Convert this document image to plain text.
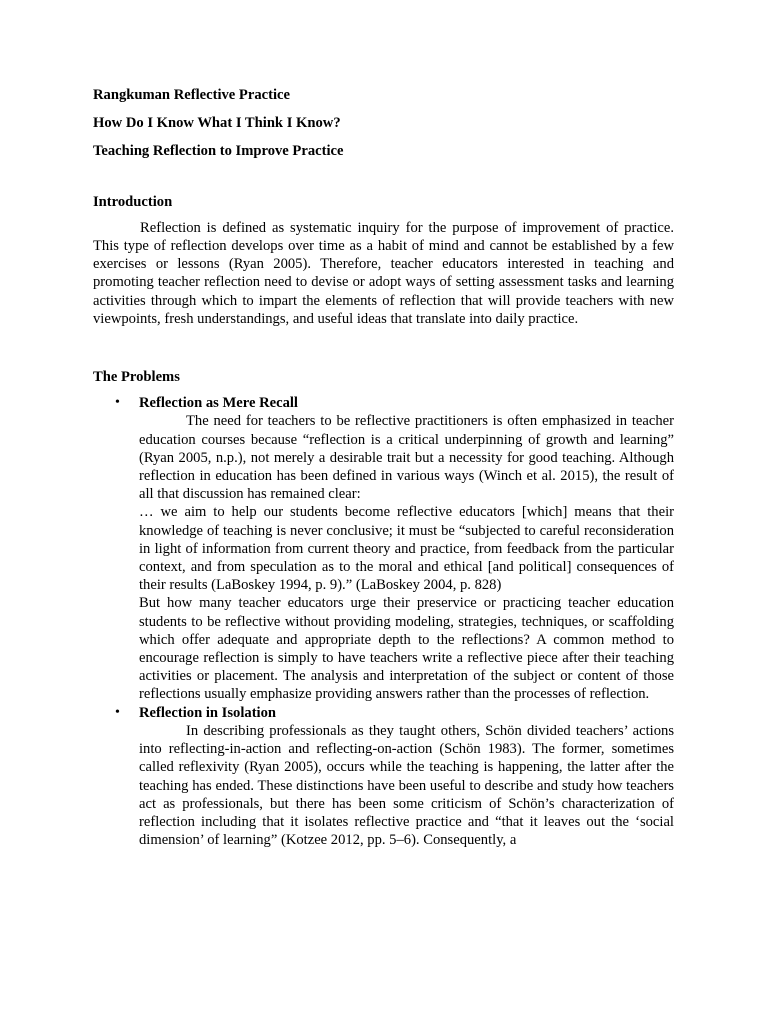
Rangkuman Reflective Practice

How Do I Know What I Think I Know?

Teaching Reflection to Improve Practice

Introduction

Reflection is defined as systematic inquiry for the purpose of improvement of practice. This type of reflection develops over time as a habit of mind and cannot be established by a few exercises or lessons (Ryan 2005). Therefore, teacher educators interested in teaching and promoting teacher reflection need to devise or adopt ways of setting assessment tasks and learning activities through which to impart the elements of reflection that will provide teachers with new viewpoints, fresh understandings, and useful ideas that translate into daily practice.

The Problems

• Reflection as Mere Recall

The need for teachers to be reflective practitioners is often emphasized in teacher education courses because “reflection is a critical underpinning of growth and learning” (Ryan 2005, n.p.), not merely a desirable trait but a necessity for good teaching. Although reflection in education has been defined in various ways (Winch et al. 2015), the result of all that discussion has remained clear:

… we aim to help our students become reflective educators [which] means that their knowledge of teaching is never conclusive; it must be “subjected to careful reconsideration in light of information from current theory and practice, from feedback from the particular context, and from speculation as to the moral and ethical [and political] consequences of their results (LaBoskey 1994, p. 9).” (LaBoskey 2004, p. 828)

But how many teacher educators urge their preservice or practicing teacher education students to be reflective without providing modeling, strategies, techniques, or scaffolding which offer adequate and appropriate depth to the reflections? A common method to encourage reflection is simply to have teachers write a reflective piece after their teaching activities or placement. The analysis and interpretation of the subject or content of those reflections usually emphasize providing answers rather than the processes of reflection.

• Reflection in Isolation

In describing professionals as they taught others, Schön divided teachers’ actions into reflecting-in-action and reflecting-on-action (Schön 1983). The former, sometimes called reflexivity (Ryan 2005), occurs while the teaching is happening, the latter after the teaching has ended. These distinctions have been useful to describe and study how teachers act as professionals, but there has been some criticism of Schön’s characterization of reflection including that it isolates reflective practice and “that it leaves out the ‘social dimension’ of learning” (Kotzee 2012, pp. 5–6). Consequently, a
